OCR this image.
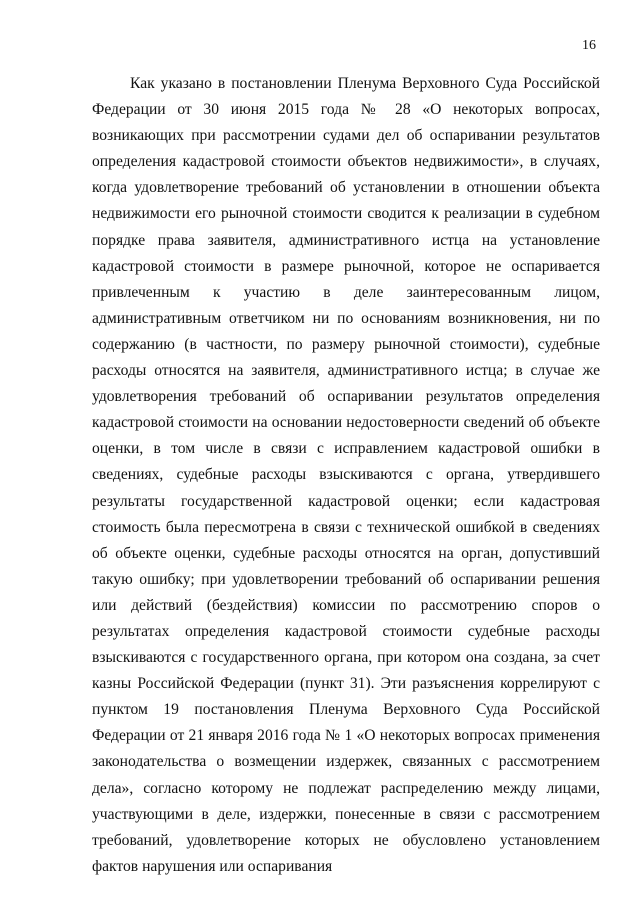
16

Как указано в постановлении Пленума Верховного Суда Российской Федерации от 30 июня 2015 года № 28 «О некоторых вопросах, возникающих при рассмотрении судами дел об оспаривании результатов определения кадастровой стоимости объектов недвижимости», в случаях, когда удовлетворение требований об установлении в отношении объекта недвижимости его рыночной стоимости сводится к реализации в судебном порядке права заявителя, административного истца на установление кадастровой стоимости в размере рыночной, которое не оспаривается привлеченным к участию в деле заинтересованным лицом, административным ответчиком ни по основаниям возникновения, ни по содержанию (в частности, по размеру рыночной стоимости), судебные расходы относятся на заявителя, административного истца; в случае же удовлетворения требований об оспаривании результатов определения кадастровой стоимости на основании недостоверности сведений об объекте оценки, в том числе в связи с исправлением кадастровой ошибки в сведениях, судебные расходы взыскиваются с органа, утвердившего результаты государственной кадастровой оценки; если кадастровая стоимость была пересмотрена в связи с технической ошибкой в сведениях об объекте оценки, судебные расходы относятся на орган, допустивший такую ошибку; при удовлетворении требований об оспаривании решения или действий (бездействия) комиссии по рассмотрению споров о результатах определения кадастровой стоимости судебные расходы взыскиваются с государственного органа, при котором она создана, за счет казны Российской Федерации (пункт 31). Эти разъяснения коррелируют с пунктом 19 постановления Пленума Верховного Суда Российской Федерации от 21 января 2016 года № 1 «О некоторых вопросах применения законодательства о возмещении издержек, связанных с рассмотрением дела», согласно которому не подлежат распределению между лицами, участвующими в деле, издержки, понесенные в связи с рассмотрением требований, удовлетворение которых не обусловлено установлением фактов нарушения или оспаривания
